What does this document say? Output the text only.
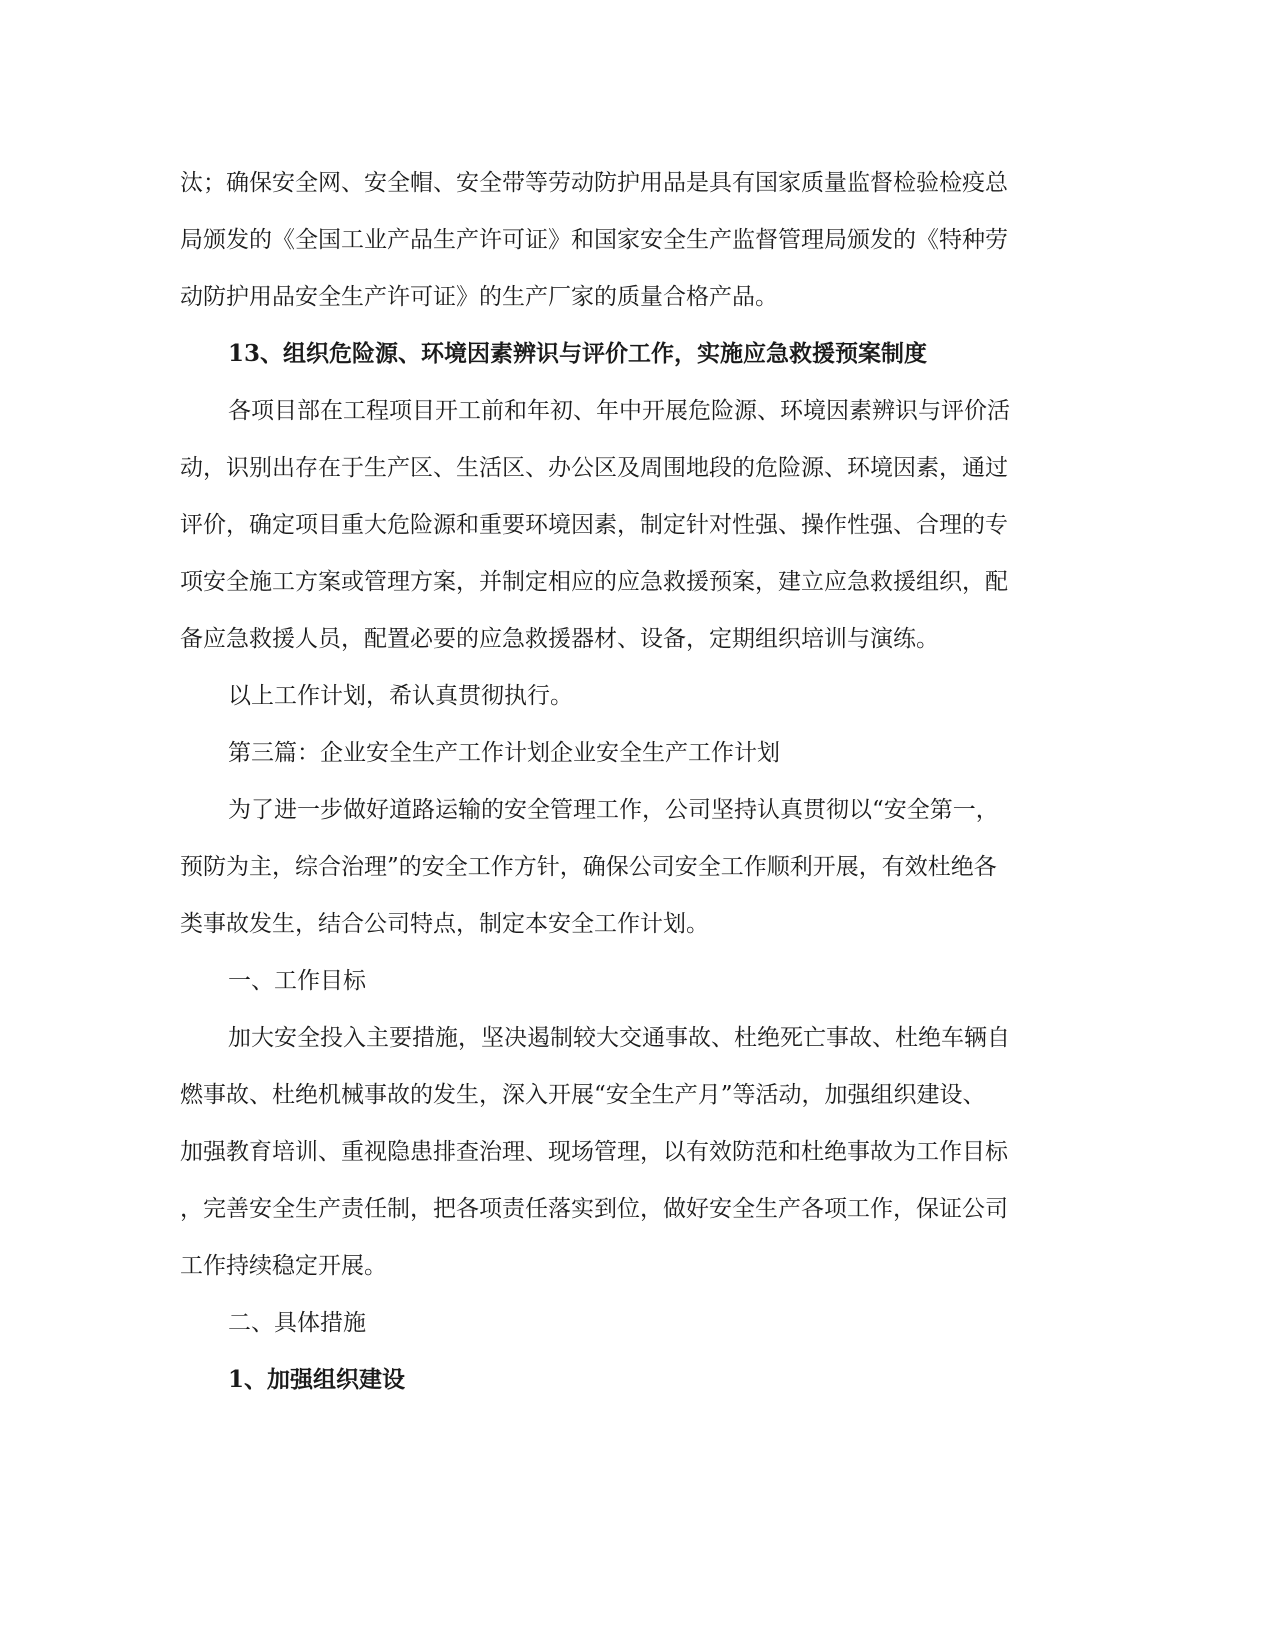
汰；确保安全网、安全帽、安全带等劳动防护用品是具有国家质量监督检验检疫总

局颁发的《全国工业产品生产许可证》和国家安全生产监督管理局颁发的《特种劳

动防护用品安全生产许可证》的生产厂家的质量合格产品。

13、组织危险源、环境因素辨识与评价工作，实施应急救援预案制度

各项目部在工程项目开工前和年初、年中开展危险源、环境因素辨识与评价活

动，识别出存在于生产区、生活区、办公区及周围地段的危险源、环境因素，通过

评价，确定项目重大危险源和重要环境因素，制定针对性强、操作性强、合理的专

项安全施工方案或管理方案，并制定相应的应急救援预案，建立应急救援组织，配

备应急救援人员，配置必要的应急救援器材、设备，定期组织培训与演练。

以上工作计划，希认真贯彻执行。

第三篇：企业安全生产工作计划企业安全生产工作计划

为了进一步做好道路运输的安全管理工作，公司坚持认真贯彻以“安全第一，

预防为主，综合治理”的安全工作方针，确保公司安全工作顺利开展，有效杜绝各

类事故发生，结合公司特点，制定本安全工作计划。

一、工作目标

加大安全投入主要措施，坚决遏制较大交通事故、杜绝死亡事故、杜绝车辆自

燃事故、杜绝机械事故的发生，深入开展“安全生产月”等活动，加强组织建设、

加强教育培训、重视隐患排查治理、现场管理，以有效防范和杜绝事故为工作目标

，完善安全生产责任制，把各项责任落实到位，做好安全生产各项工作，保证公司

工作持续稳定开展。

二、具体措施

1、加强组织建设
